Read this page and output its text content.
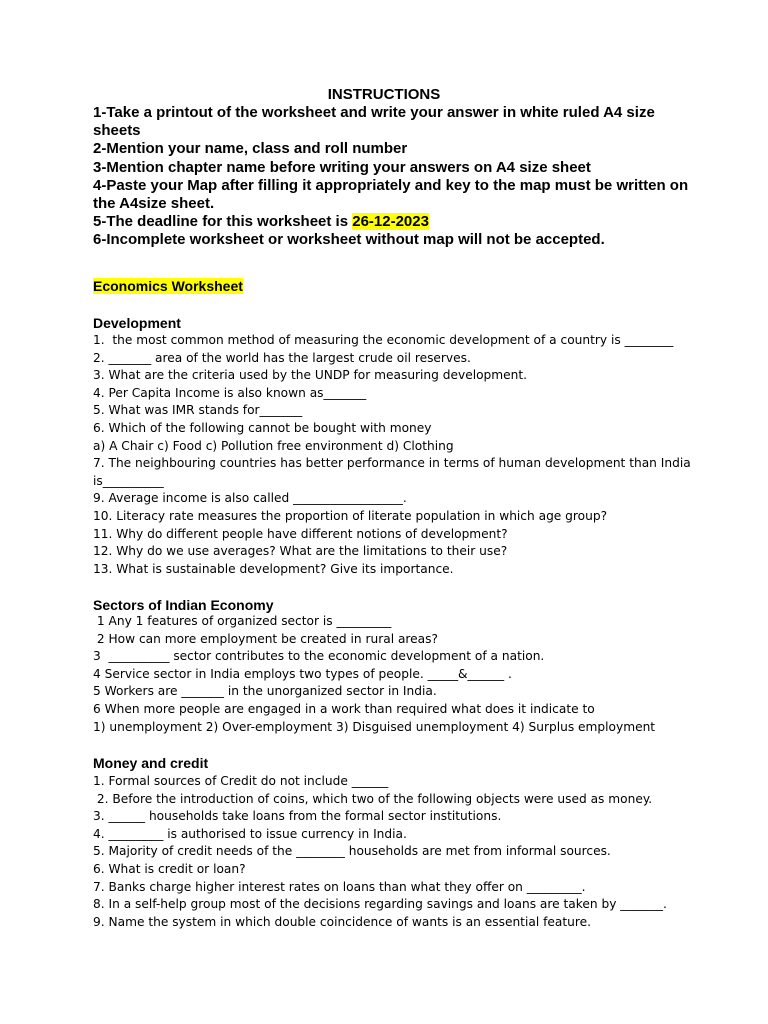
INSTRUCTIONS
1-Take a printout of the worksheet and write your answer in white ruled A4 size sheets
2-Mention your name, class and roll number
3-Mention chapter name before writing your answers on A4 size sheet
4-Paste your Map after filling it appropriately and key to the map must be written on the A4size sheet.
5-The deadline for this worksheet is 26-12-2023
6-Incomplete worksheet or worksheet without map will not be accepted.
Economics Worksheet
Development
1.  the most common method of measuring the economic development of a country is ________
2. _______ area of the world has the largest crude oil reserves.
3. What are the criteria used by the UNDP for measuring development.
4. Per Capita Income is also known as_______
5. What was IMR stands for_______
6. Which of the following cannot be bought with money
a) A Chair c) Food c) Pollution free environment d) Clothing
7. The neighbouring countries has better performance in terms of human development than India is__________
9. Average income is also called __________________.
10. Literacy rate measures the proportion of literate population in which age group?
11. Why do different people have different notions of development?
12. Why do we use averages? What are the limitations to their use?
13. What is sustainable development? Give its importance.
Sectors of Indian Economy
1 Any 1 features of organized sector is _________
2 How can more employment be created in rural areas?
3  __________ sector contributes to the economic development of a nation.
4 Service sector in India employs two types of people. _____&______ .
5 Workers are _______ in the unorganized sector in India.
6 When more people are engaged in a work than required what does it indicate to
1) unemployment 2) Over-employment 3) Disguised unemployment 4) Surplus employment
Money and credit
1. Formal sources of Credit do not include ______
2. Before the introduction of coins, which two of the following objects were used as money.
3. ______ households take loans from the formal sector institutions.
4. _________ is authorised to issue currency in India.
5. Majority of credit needs of the ________ households are met from informal sources.
6. What is credit or loan?
7. Banks charge higher interest rates on loans than what they offer on _________.
8. In a self-help group most of the decisions regarding savings and loans are taken by _______.
9. Name the system in which double coincidence of wants is an essential feature.
